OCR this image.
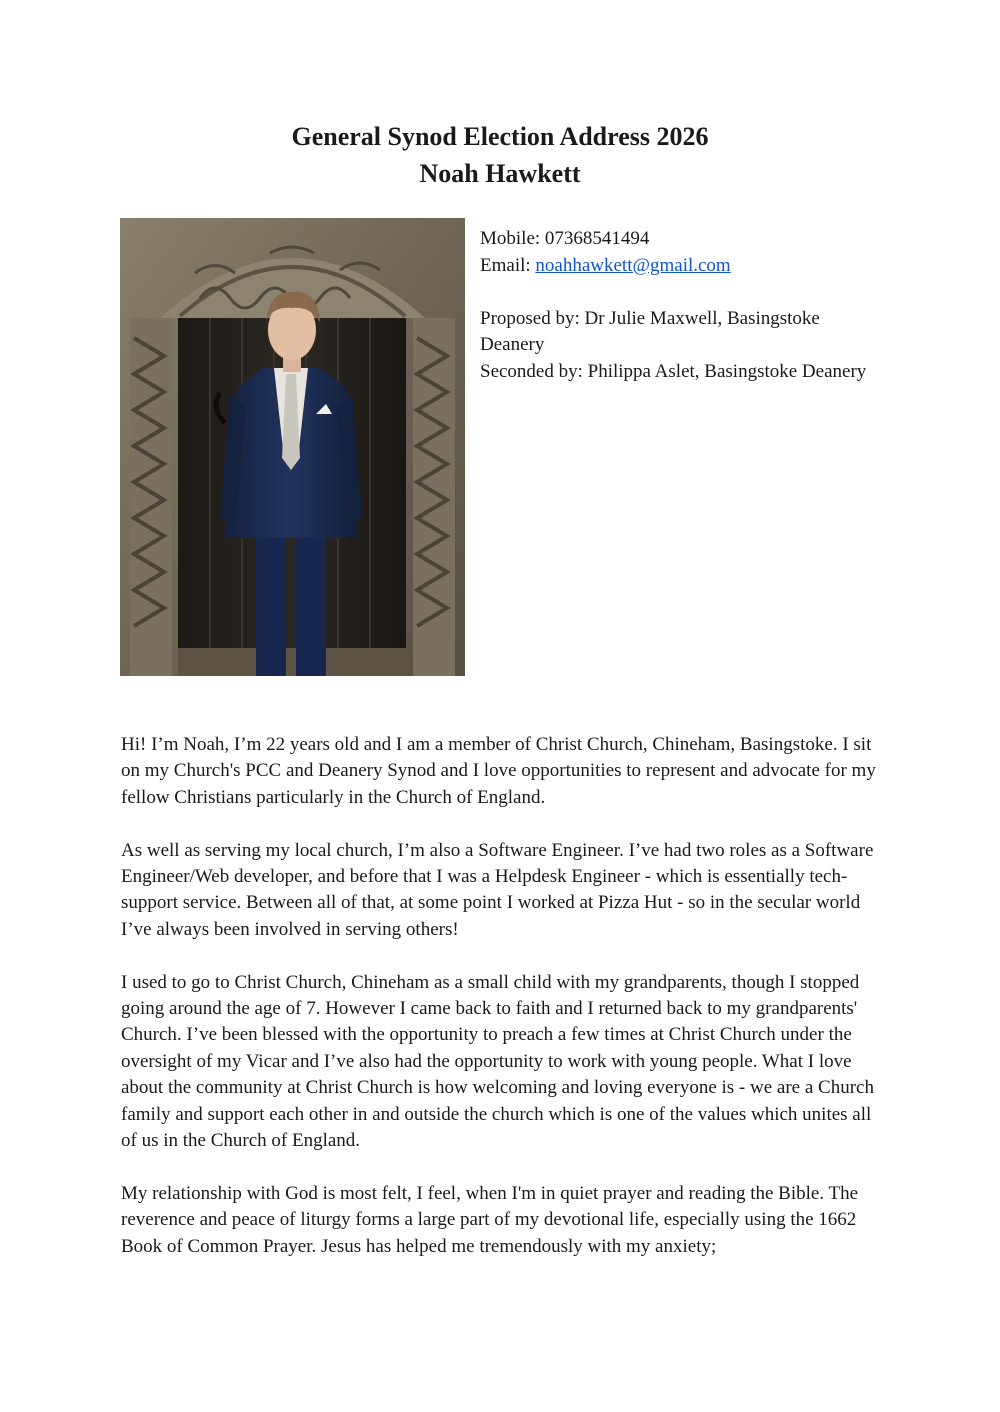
General Synod Election Address 2026
Noah Hawkett

Mobile: 07368541494

Email: noahhawkett@gmail.com

Proposed by: Dr Julie Maxwell, Basingstoke Deanery

Seconded by: Philippa Aslet, Basingstoke Deanery

Hi! I’m Noah, I’m 22 years old and I am a member of Christ Church, Chineham, Basingstoke. I sit on my Church's PCC and Deanery Synod and I love opportunities to represent and advocate for my fellow Christians particularly in the Church of England.

As well as serving my local church, I’m also a Software Engineer. I’ve had two roles as a Software Engineer/Web developer, and before that I was a Helpdesk Engineer - which is essentially tech-support service. Between all of that, at some point I worked at Pizza Hut - so in the secular world I’ve always been involved in serving others!

I used to go to Christ Church, Chineham as a small child with my grandparents, though I stopped going around the age of 7. However I came back to faith and I returned back to my grandparents' Church. I’ve been blessed with the opportunity to preach a few times at Christ Church under the oversight of my Vicar and I’ve also had the opportunity to work with young people. What I love about the community at Christ Church is how welcoming and loving everyone is - we are a Church family and support each other in and outside the church which is one of the values which unites all of us in the Church of England.

My relationship with God is most felt, I feel, when I'm in quiet prayer and reading the Bible. The reverence and peace of liturgy forms a large part of my devotional life, especially using the 1662 Book of Common Prayer. Jesus has helped me tremendously with my anxiety;
